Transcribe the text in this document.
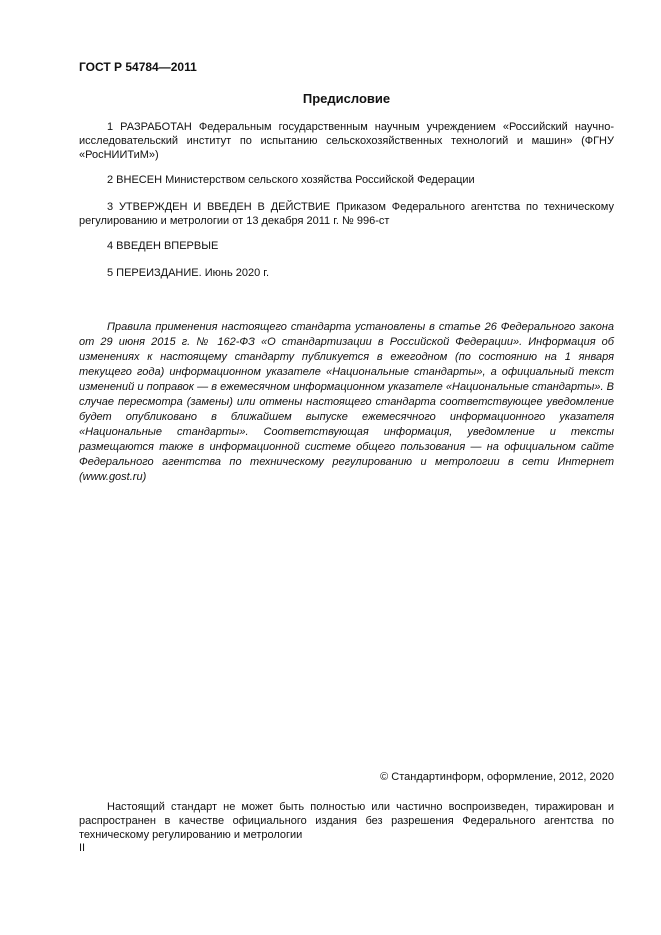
ГОСТ Р 54784—2011
Предисловие
1 РАЗРАБОТАН Федеральным государственным научным учреждением «Российский научно-исследовательский институт по испытанию сельскохозяйственных технологий и машин» (ФГНУ «РосНИИТиМ»)
2 ВНЕСЕН Министерством сельского хозяйства Российской Федерации
3 УТВЕРЖДЕН И ВВЕДЕН В ДЕЙСТВИЕ Приказом Федерального агентства по техническому регулированию и метрологии от 13 декабря 2011 г. № 996-ст
4 ВВЕДЕН ВПЕРВЫЕ
5 ПЕРЕИЗДАНИЕ. Июнь 2020 г.
Правила применения настоящего стандарта установлены в статье 26 Федерального закона от 29 июня 2015 г. № 162-ФЗ «О стандартизации в Российской Федерации». Информация об изменениях к настоящему стандарту публикуется в ежегодном (по состоянию на 1 января текущего года) информационном указателе «Национальные стандарты», а официальный текст изменений и поправок — в ежемесячном информационном указателе «Национальные стандарты». В случае пересмотра (замены) или отмены настоящего стандарта соответствующее уведомление будет опубликовано в ближайшем выпуске ежемесячного информационного указателя «Национальные стандарты». Соответствующая информация, уведомление и тексты размещаются также в информационной системе общего пользования — на официальном сайте Федерального агентства по техническому регулированию и метрологии в сети Интернет (www.gost.ru)
© Стандартинформ, оформление, 2012, 2020
Настоящий стандарт не может быть полностью или частично воспроизведен, тиражирован и распространен в качестве официального издания без разрешения Федерального агентства по техническому регулированию и метрологии
II
